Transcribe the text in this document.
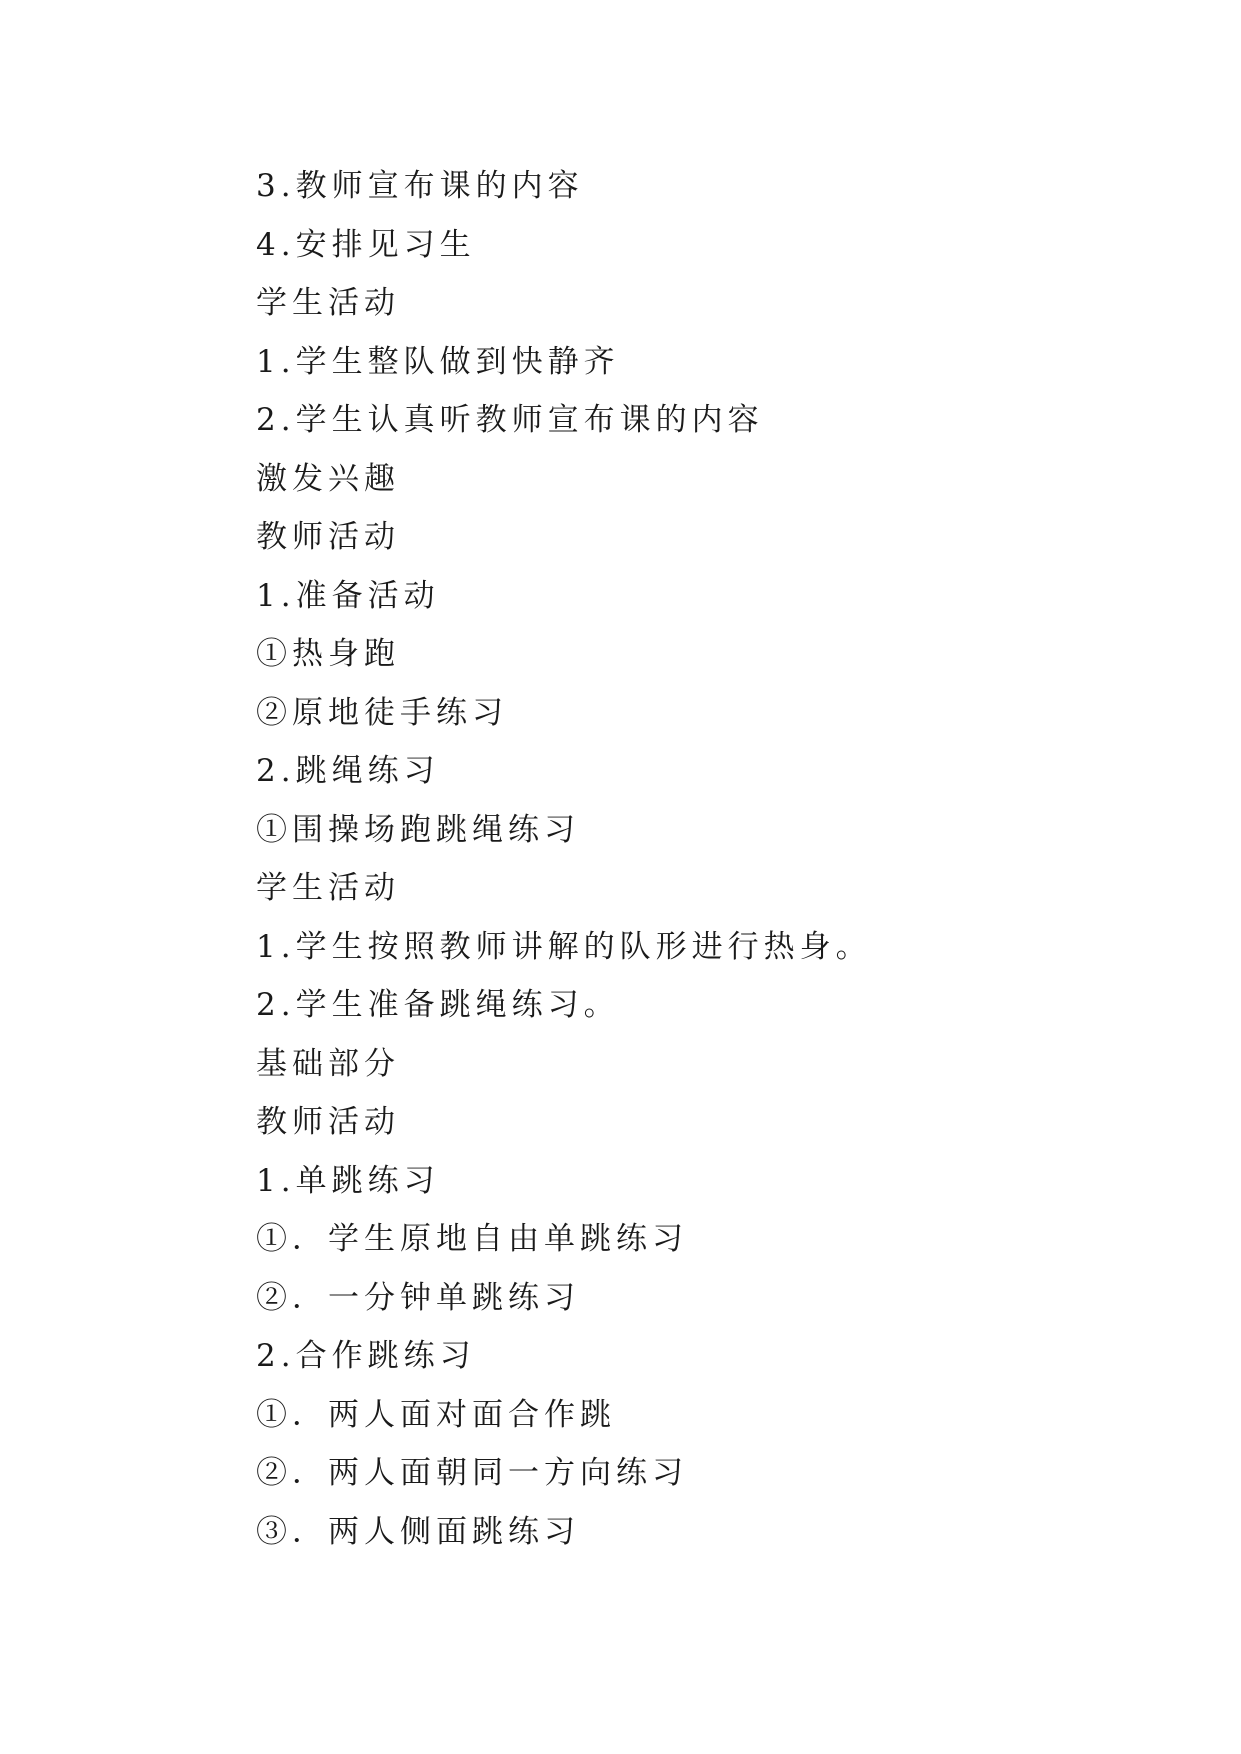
3.教师宣布课的内容

4.安排见习生

学生活动

1.学生整队做到快静齐

2.学生认真听教师宣布课的内容

激发兴趣

教师活动

1.准备活动

①热身跑

②原地徒手练习

2.跳绳练习

①围操场跑跳绳练习

学生活动

1.学生按照教师讲解的队形进行热身。

2.学生准备跳绳练习。

基础部分

教师活动

1.单跳练习

①．学生原地自由单跳练习

②．一分钟单跳练习

2.合作跳练习

①．两人面对面合作跳

②．两人面朝同一方向练习

③．两人侧面跳练习
